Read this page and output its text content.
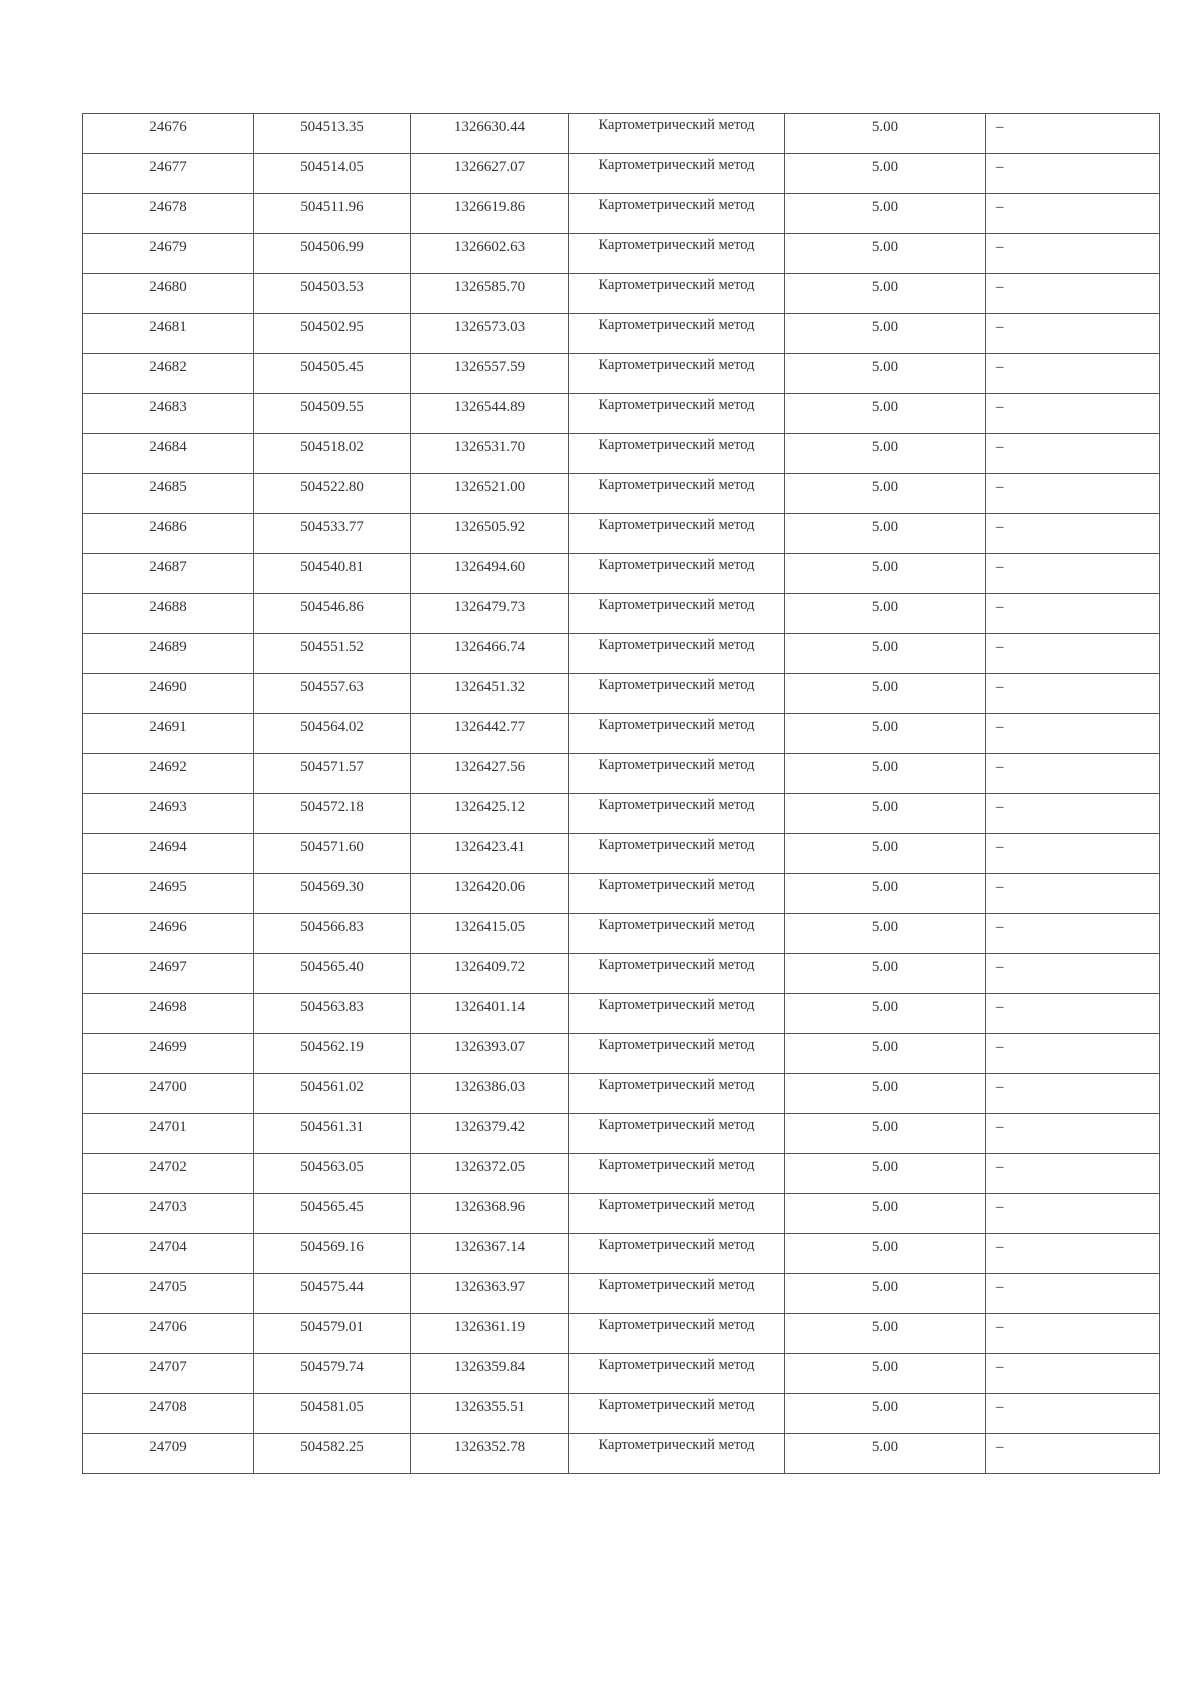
24676	504513.35	1326630.44	Картометрический метод	5.00	–

24677	504514.05	1326627.07	Картометрический метод	5.00	–

24678	504511.96	1326619.86	Картометрический метод	5.00	–

24679	504506.99	1326602.63	Картометрический метод	5.00	–

24680	504503.53	1326585.70	Картометрический метод	5.00	–

24681	504502.95	1326573.03	Картометрический метод	5.00	–

24682	504505.45	1326557.59	Картометрический метод	5.00	–

24683	504509.55	1326544.89	Картометрический метод	5.00	–

24684	504518.02	1326531.70	Картометрический метод	5.00	–

24685	504522.80	1326521.00	Картометрический метод	5.00	–

24686	504533.77	1326505.92	Картометрический метод	5.00	–

24687	504540.81	1326494.60	Картометрический метод	5.00	–

24688	504546.86	1326479.73	Картометрический метод	5.00	–

24689	504551.52	1326466.74	Картометрический метод	5.00	–

24690	504557.63	1326451.32	Картометрический метод	5.00	–

24691	504564.02	1326442.77	Картометрический метод	5.00	–

24692	504571.57	1326427.56	Картометрический метод	5.00	–

24693	504572.18	1326425.12	Картометрический метод	5.00	–

24694	504571.60	1326423.41	Картометрический метод	5.00	–

24695	504569.30	1326420.06	Картометрический метод	5.00	–

24696	504566.83	1326415.05	Картометрический метод	5.00	–

24697	504565.40	1326409.72	Картометрический метод	5.00	–

24698	504563.83	1326401.14	Картометрический метод	5.00	–

24699	504562.19	1326393.07	Картометрический метод	5.00	–

24700	504561.02	1326386.03	Картометрический метод	5.00	–

24701	504561.31	1326379.42	Картометрический метод	5.00	–

24702	504563.05	1326372.05	Картометрический метод	5.00	–

24703	504565.45	1326368.96	Картометрический метод	5.00	–

24704	504569.16	1326367.14	Картометрический метод	5.00	–

24705	504575.44	1326363.97	Картометрический метод	5.00	–

24706	504579.01	1326361.19	Картометрический метод	5.00	–

24707	504579.74	1326359.84	Картометрический метод	5.00	–

24708	504581.05	1326355.51	Картометрический метод	5.00	–

24709	504582.25	1326352.78	Картометрический метод	5.00	–
